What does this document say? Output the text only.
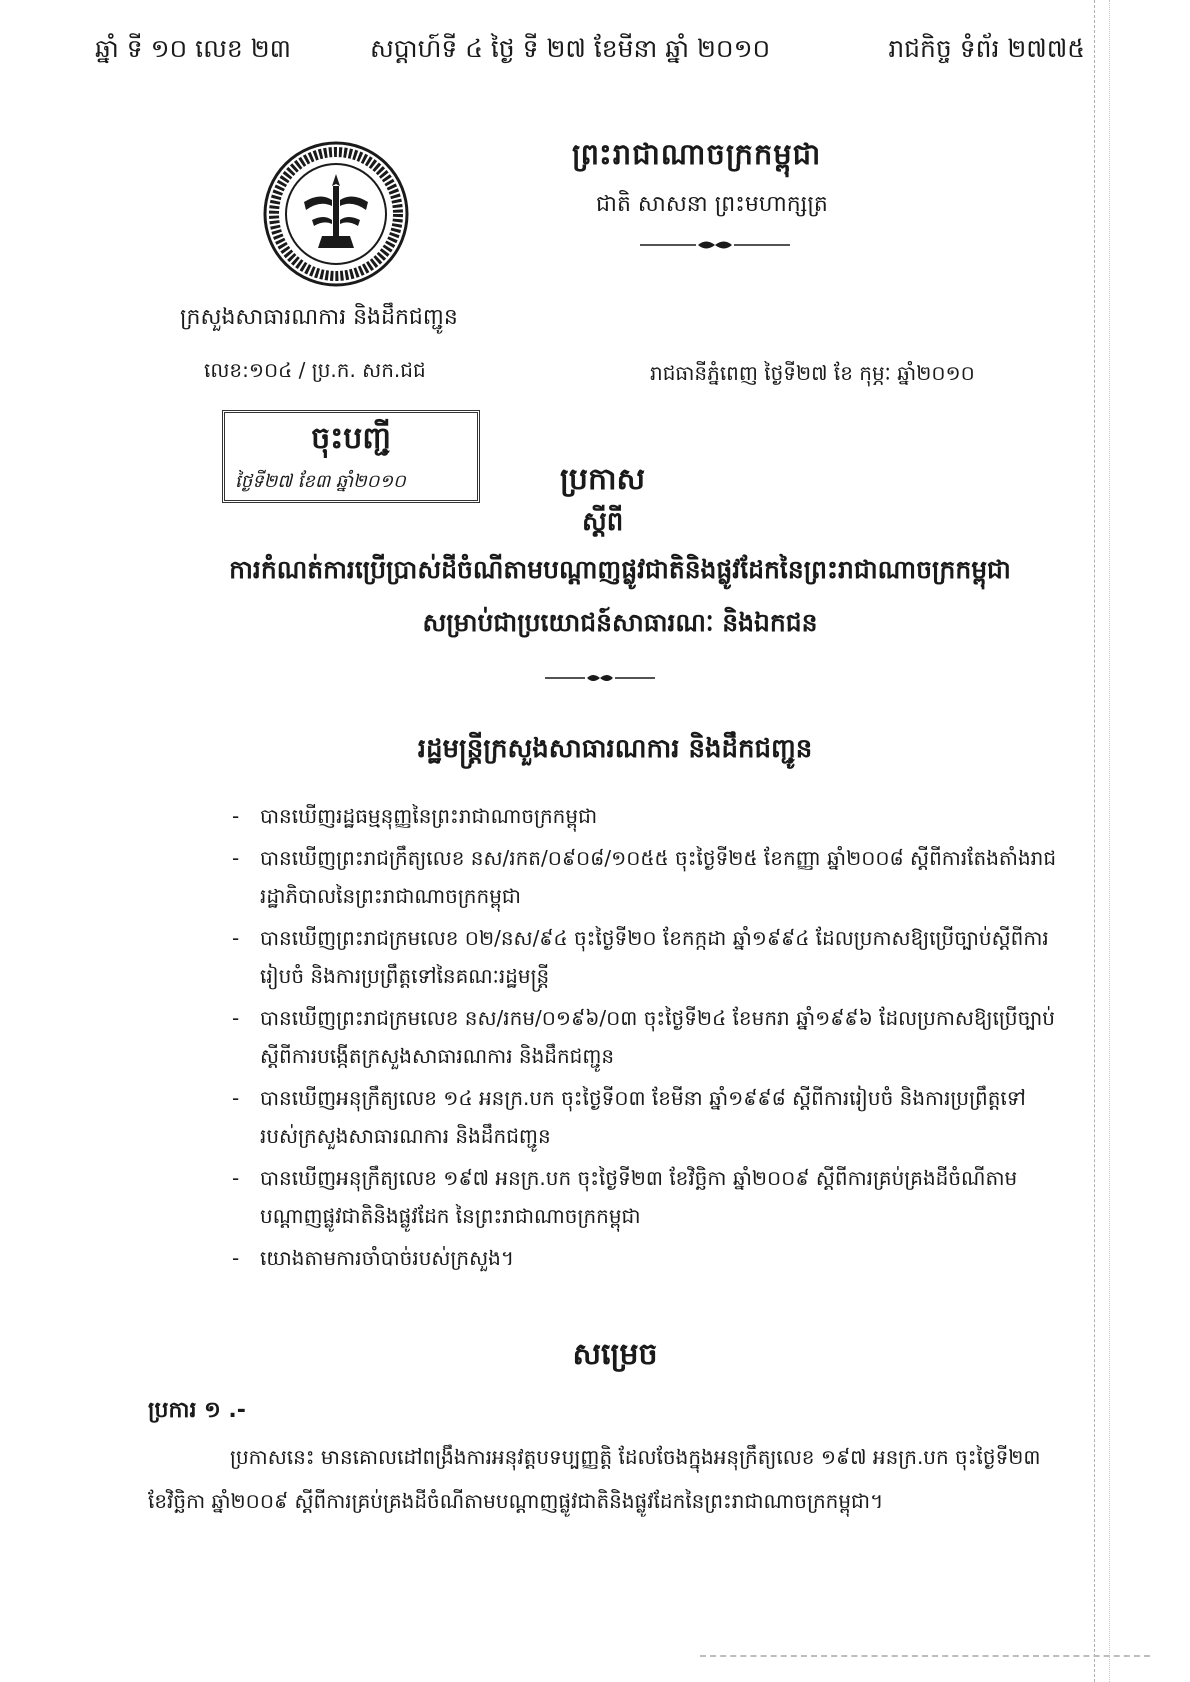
ឆ្នាំ ទី ១០ លេខ ២៣	សប្តាហ៍ទី ៤ ថ្ងៃ ទី ២៧ ខែមីនា ឆ្នាំ ២០១០	រាជកិច្ច ទំព័រ ២៧៧៥
ព្រះរាជាណាចក្រកម្ពុជា
ជាតិ សាសនា ព្រះមហាក្សត្រ
ក្រសួងសាធារណការ និងដឹកជញ្ជូន
លេខ:១០៤ / ប្រ.ក. សក.ជជ	រាជធានីភ្នំពេញ ថ្ងៃទី២៧ ខែ កុម្ភៈ ឆ្នាំ២០១០
ចុះបញ្ជី
ថ្ងៃទី២៧ ខែ៣ ឆ្នាំ២០១០	ប្រកាស
ស្តីពី
ការកំណត់ការប្រើប្រាស់ដីចំណីតាមបណ្តាញផ្លូវជាតិនិងផ្លូវដែកនៃព្រះរាជាណាចក្រកម្ពុជា
សម្រាប់ជាប្រយោជន៍សាធារណៈ និងឯកជន
រដ្ឋមន្ត្រីក្រសួងសាធារណការ និងដឹកជញ្ជូន
- បានឃើញរដ្ឋធម្មនុញ្ញនៃព្រះរាជាណាចក្រកម្ពុជា
- បានឃើញព្រះរាជក្រឹត្យលេខ នស/រកត/០៩០៨/១០៥៥ ចុះថ្ងៃទី២៥ ខែកញ្ញា ឆ្នាំ២០០៨ ស្តីពីការតែងតាំងរាជរដ្ឋាភិបាលនៃព្រះរាជាណាចក្រកម្ពុជា
- បានឃើញព្រះរាជក្រមលេខ ០២/នស/៩៤ ចុះថ្ងៃទី២០ ខែកក្កដា ឆ្នាំ១៩៩៤ ដែលប្រកាសឱ្យប្រើច្បាប់ស្តីពីការរៀបចំ និងការប្រព្រឹត្តទៅនៃគណៈរដ្ឋមន្ត្រី
- បានឃើញព្រះរាជក្រមលេខ នស/រកម/០១៩៦/០៣ ចុះថ្ងៃទី២៤ ខែមករា ឆ្នាំ១៩៩៦ ដែលប្រកាសឱ្យប្រើច្បាប់ស្តីពីការបង្កើតក្រសួងសាធារណការ និងដឹកជញ្ជូន
- បានឃើញអនុក្រឹត្យលេខ ១៤ អនក្រ.បក ចុះថ្ងៃទី០៣ ខែមីនា ឆ្នាំ១៩៩៨ ស្តីពីការរៀបចំ និងការប្រព្រឹត្តទៅរបស់ក្រសួងសាធារណការ និងដឹកជញ្ជូន
- បានឃើញអនុក្រឹត្យលេខ ១៩៧ អនក្រ.បក ចុះថ្ងៃទី២៣ ខែវិច្ឆិកា ឆ្នាំ២០០៩ ស្តីពីការគ្រប់គ្រងដីចំណីតាមបណ្តាញផ្លូវជាតិនិងផ្លូវដែក នៃព្រះរាជាណាចក្រកម្ពុជា
- យោងតាមការចាំបាច់របស់ក្រសួង។
សម្រេច
ប្រការ ១ .-

ប្រកាសនេះ មានគោលដៅពង្រឹងការអនុវត្តបទប្បញ្ញត្តិ ដែលចែងក្នុងអនុក្រឹត្យលេខ ១៩៧ អនក្រ.បក ចុះថ្ងៃទី២៣ ខែវិច្ឆិកា ឆ្នាំ២០០៩ ស្តីពីការគ្រប់គ្រងដីចំណីតាមបណ្តាញផ្លូវជាតិនិងផ្លូវដែកនៃព្រះរាជាណាចក្រកម្ពុជា។
